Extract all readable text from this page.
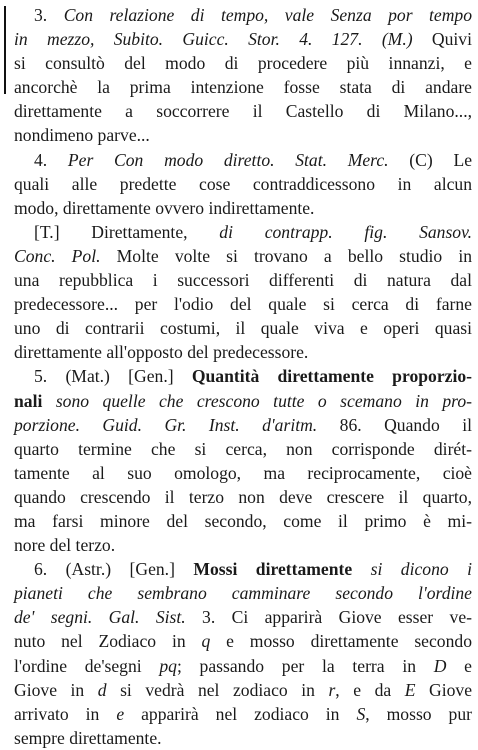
3. Con relazione di tempo, vale Senza por tempo
in mezzo, Subito. Guicc. Stor. 4. 127. (M.) Quivi
si consultò del modo di procedere più innanzi, e
ancorchè la prima intenzione fosse stata di andare
direttamente a soccorrere il Castello di Milano...,
nondimeno parve...
4. Per Con modo diretto. Stat. Merc. (C) Le
quali alle predette cose contraddicessono in alcun
modo, direttamente ovvero indirettamente.
[T.] Direttamente, di contrapp. fig. Sansov.
Conc. Pol. Molte volte si trovano a bello studio in
una repubblica i successori differenti di natura dal
predecessore... per l'odio del quale si cerca di farne
uno di contrarii costumi, il quale viva e operi quasi
direttamente all'opposto del predecessore.
5. (Mat.) [Gen.] Quantità direttamente proporzio-
nali sono quelle che crescono tutte o scemano in pro-
porzione. Guid. Gr. Inst. d'aritm. 86. Quando il
quarto termine che si cerca, non corrisponde dirét-
tamente al suo omologo, ma reciprocamente, cioè
quando crescendo il terzo non deve crescere il quarto,
ma farsi minore del secondo, come il primo è mi-
nore del terzo.
6. (Astr.) [Gen.] Mossi direttamente si dicono i
pianeti che sembrano camminare secondo l'ordine
de' segni. Gal. Sist. 3. Ci apparirà Giove esser ve-
nuto nel Zodiaco in q e mosso direttamente secondo
l'ordine de'segni pq; passando per la terra in D e
Giove in d si vedrà nel zodiaco in r, e da E Giove
arrivato in e apparirà nel zodiaco in S, mosso pur
sempre direttamente.
